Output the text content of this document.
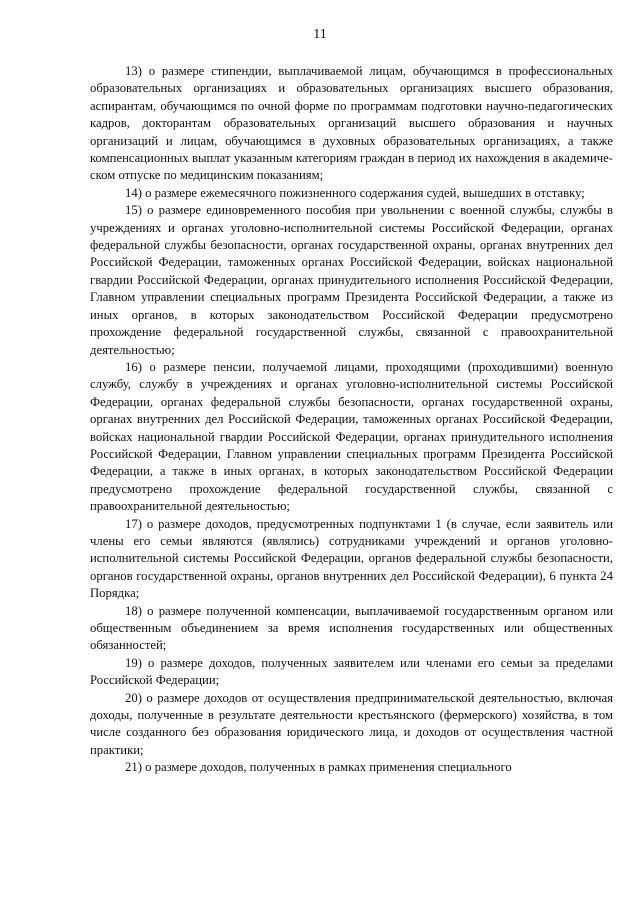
11

13) о размере стипендии, выплачиваемой лицам, обучающимся в профессиональных образовательных организациях и образовательных организациях высшего образования, аспирантам, обучающимся по очной форме по программам подготовки научно-педагогических кадров, докторантам образовательных организаций высшего образования и научных организаций и лицам, обучающимся в духовных образовательных организациях, а также компенсационных выплат указанным категориям граждан в период их нахождения в академическом отпуске по медицинским показаниям;

14) о размере ежемесячного пожизненного содержания судей, вышедших в отставку;

15) о размере единовременного пособия при увольнении с военной службы, службы в учреждениях и органах уголовно-исполнительной системы Российской Федерации, органах федеральной службы безопасности, органах государственной охраны, органах внутренних дел Российской Федерации, таможенных органах Российской Федерации, войсках национальной гвардии Российской Федерации, органах принудительного исполнения Российской Федерации, Главном управлении специальных программ Президента Российской Федерации, а также из иных органов, в которых законодательством Российской Федерации предусмотрено прохождение федеральной государственной службы, связанной с правоохранительной деятельностью;

16) о размере пенсии, получаемой лицами, проходящими (проходившими) военную службу, службу в учреждениях и органах уголовно-исполнительной системы Российской Федерации, органах федеральной службы безопасности, органах государственной охраны, органах внутренних дел Российской Федерации, таможенных органах Российской Федерации, войсках национальной гвардии Российской Федерации, органах принудительного исполнения Российской Федерации, Главном управлении специальных программ Президента Российской Федерации, а также в иных органах, в которых законодательством Российской Федерации предусмотрено прохождение федеральной государственной службы, связанной с правоохранительной деятельностью;

17) о размере доходов, предусмотренных подпунктами 1 (в случае, если заявитель или члены его семьи являются (являлись) сотрудниками учреждений и органов уголовно-исполнительной системы Российской Федерации, органов федеральной службы безопасности, органов государственной охраны, органов внутренних дел Российской Федерации), 6 пункта 24 Порядка;

18) о размере полученной компенсации, выплачиваемой государственным органом или общественным объединением за время исполнения государственных или общественных обязанностей;

19) о размере доходов, полученных заявителем или членами его семьи за пределами Российской Федерации;

20) о размере доходов от осуществления предпринимательской деятельностью, включая доходы, полученные в результате деятельности крестьянского (фермерского) хозяйства, в том числе созданного без образования юридического лица, и доходов от осуществления частной практики;

21) о размере доходов, полученных в рамках применения специального
